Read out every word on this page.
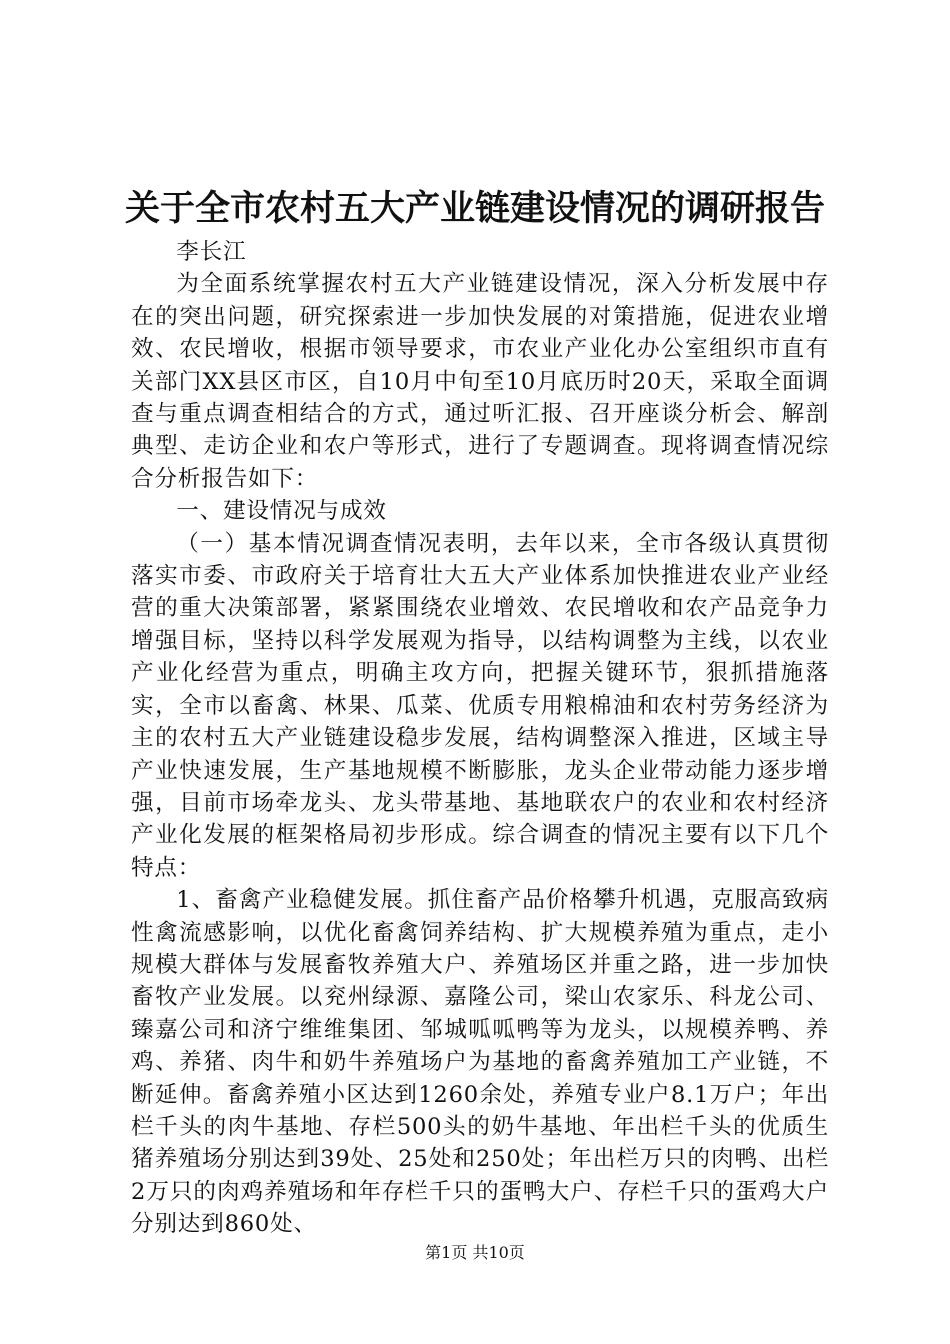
关于全市农村五大产业链建设情况的调研报告

李长江

为全面系统掌握农村五大产业链建设情况，深入分析发展中存在的突出问题，研究探索进一步加快发展的对策措施，促进农业增效、农民增收，根据市领导要求，市农业产业化办公室组织市直有关部门XX县区市区，自10月中旬至10月底历时20天，采取全面调查与重点调查相结合的方式，通过听汇报、召开座谈分析会、解剖典型、走访企业和农户等形式，进行了专题调查。现将调查情况综合分析报告如下：

一、建设情况与成效

（一）基本情况调查情况表明，去年以来，全市各级认真贯彻落实市委、市政府关于培育壮大五大产业体系加快推进农业产业经营的重大决策部署，紧紧围绕农业增效、农民增收和农产品竞争力增强目标，坚持以科学发展观为指导，以结构调整为主线，以农业产业化经营为重点，明确主攻方向，把握关键环节，狠抓措施落实，全市以畜禽、林果、瓜菜、优质专用粮棉油和农村劳务经济为主的农村五大产业链建设稳步发展，结构调整深入推进，区域主导产业快速发展，生产基地规模不断膨胀，龙头企业带动能力逐步增强，目前市场牵龙头、龙头带基地、基地联农户的农业和农村经济产业化发展的框架格局初步形成。综合调查的情况主要有以下几个特点：

1、畜禽产业稳健发展。抓住畜产品价格攀升机遇，克服高致病性禽流感影响，以优化畜禽饲养结构、扩大规模养殖为重点，走小规模大群体与发展畜牧养殖大户、养殖场区并重之路，进一步加快畜牧产业发展。以兖州绿源、嘉隆公司，梁山农家乐、科龙公司、臻嘉公司和济宁维维集团、邹城呱呱鸭等为龙头，以规模养鸭、养鸡、养猪、肉牛和奶牛养殖场户为基地的畜禽养殖加工产业链，不断延伸。畜禽养殖小区达到1260余处，养殖专业户8.1万户；年出栏千头的肉牛基地、存栏500头的奶牛基地、年出栏千头的优质生猪养殖场分别达到39处、25处和250处；年出栏万只的肉鸭、出栏2万只的肉鸡养殖场和年存栏千只的蛋鸭大户、存栏千只的蛋鸡大户分别达到860处、

第1页 共10页
